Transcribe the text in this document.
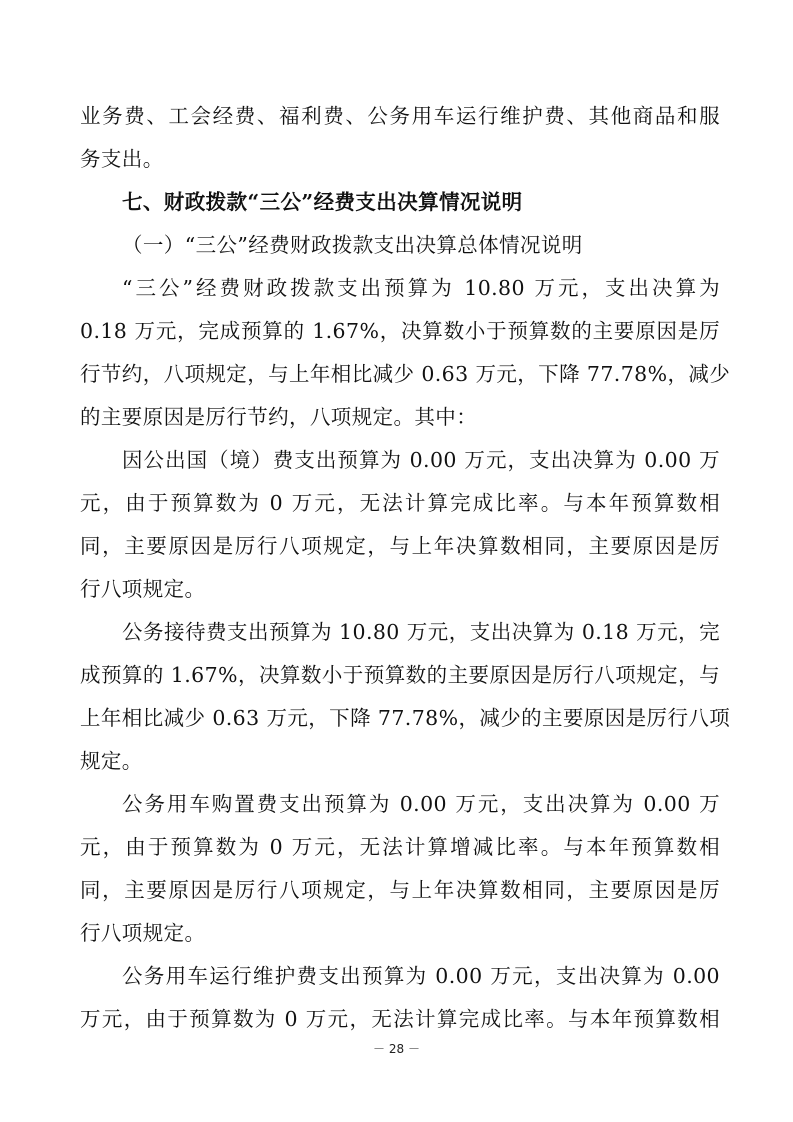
业务费、工会经费、福利费、公务用车运行维护费、其他商品和服
务支出。
七、财政拨款“三公”经费支出决算情况说明
（一）“三公”经费财政拨款支出决算总体情况说明
“三公”经费财政拨款支出预算为 10.80 万元，支出决算为
0.18 万元，完成预算的 1.67%，决算数小于预算数的主要原因是厉
行节约，八项规定，与上年相比减少 0.63 万元，下降 77.78%，减少
的主要原因是厉行节约，八项规定。其中：
因公出国（境）费支出预算为 0.00 万元，支出决算为 0.00 万
元，由于预算数为 0 万元，无法计算完成比率。与本年预算数相
同，主要原因是厉行八项规定，与上年决算数相同，主要原因是厉
行八项规定。
公务接待费支出预算为 10.80 万元，支出决算为 0.18 万元，完
成预算的 1.67%，决算数小于预算数的主要原因是厉行八项规定，与
上年相比减少 0.63 万元，下降 77.78%，减少的主要原因是厉行八项
规定。
公务用车购置费支出预算为 0.00 万元，支出决算为 0.00 万
元，由于预算数为 0 万元，无法计算增减比率。与本年预算数相
同，主要原因是厉行八项规定，与上年决算数相同，主要原因是厉
行八项规定。
公务用车运行维护费支出预算为 0.00 万元，支出决算为 0.00
万元，由于预算数为 0 万元，无法计算完成比率。与本年预算数相
－ 28 －
